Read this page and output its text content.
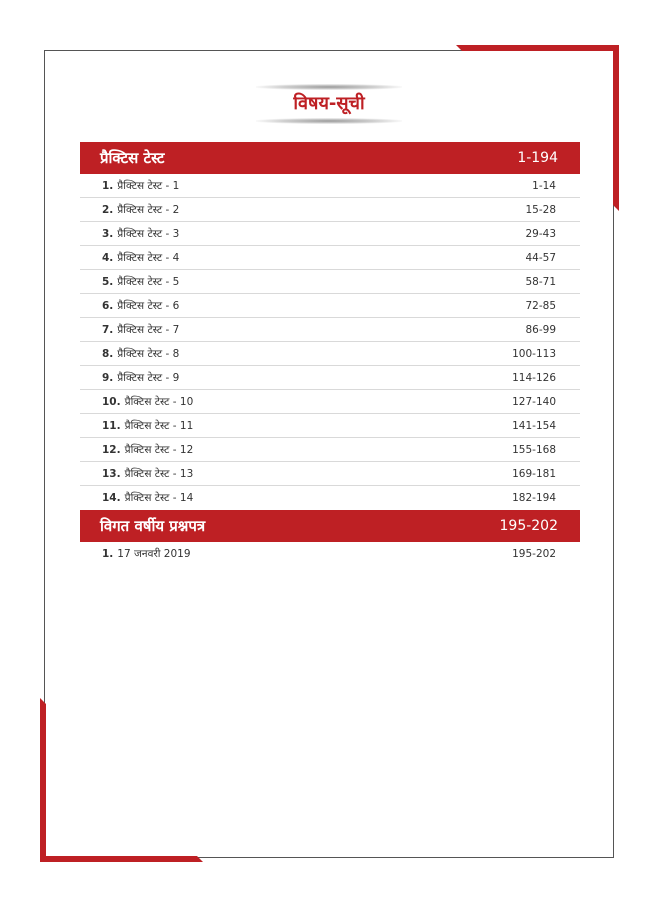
विषय-सूची
प्रैक्टिस टेस्ट	1-194
1. प्रैक्टिस टेस्ट - 1	1-14
2. प्रैक्टिस टेस्ट - 2	15-28
3. प्रैक्टिस टेस्ट - 3	29-43
4. प्रैक्टिस टेस्ट - 4	44-57
5. प्रैक्टिस टेस्ट - 5	58-71
6. प्रैक्टिस टेस्ट - 6	72-85
7. प्रैक्टिस टेस्ट - 7	86-99
8. प्रैक्टिस टेस्ट - 8	100-113
9. प्रैक्टिस टेस्ट - 9	114-126
10. प्रैक्टिस टेस्ट - 10	127-140
11. प्रैक्टिस टेस्ट - 11	141-154
12. प्रैक्टिस टेस्ट - 12	155-168
13. प्रैक्टिस टेस्ट - 13	169-181
14. प्रैक्टिस टेस्ट - 14	182-194
विगत वर्षीय प्रश्नपत्र	195-202
1. 17 जनवरी 2019	195-202
